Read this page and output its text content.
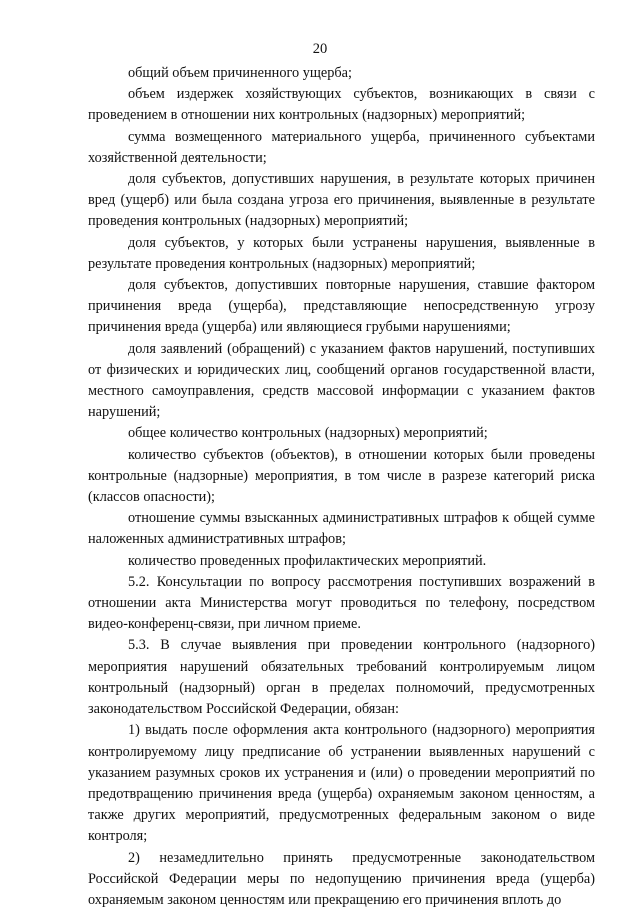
20

общий объем причиненного ущерба;

объем издержек хозяйствующих субъектов, возникающих в связи с проведением в отношении них контрольных (надзорных) мероприятий;

сумма возмещенного материального ущерба, причиненного субъектами хозяйственной деятельности;

доля субъектов, допустивших нарушения, в результате которых причинен вред (ущерб) или была создана угроза его причинения, выявленные в результате проведения контрольных (надзорных) мероприятий;

доля субъектов, у которых были устранены нарушения, выявленные в результате проведения контрольных (надзорных) мероприятий;

доля субъектов, допустивших повторные нарушения, ставшие фактором причинения вреда (ущерба), представляющие непосредственную угрозу причинения вреда (ущерба) или являющиеся грубыми нарушениями;

доля заявлений (обращений) с указанием фактов нарушений, поступивших от физических и юридических лиц, сообщений органов государственной власти, местного самоуправления, средств массовой информации с указанием фактов нарушений;

общее количество контрольных (надзорных) мероприятий;

количество субъектов (объектов), в отношении которых были проведены контрольные (надзорные) мероприятия, в том числе в разрезе категорий риска (классов опасности);

отношение суммы взысканных административных штрафов к общей сумме наложенных административных штрафов;

количество проведенных профилактических мероприятий.

5.2. Консультации по вопросу рассмотрения поступивших возражений в отношении акта Министерства могут проводиться по телефону, посредством видео-конференц-связи, при личном приеме.

5.3. В случае выявления при проведении контрольного (надзорного) мероприятия нарушений обязательных требований контролируемым лицом контрольный (надзорный) орган в пределах полномочий, предусмотренных законодательством Российской Федерации, обязан:

1) выдать после оформления акта контрольного (надзорного) мероприятия контролируемому лицу предписание об устранении выявленных нарушений с указанием разумных сроков их устранения и (или) о проведении мероприятий по предотвращению причинения вреда (ущерба) охраняемым законом ценностям, а также других мероприятий, предусмотренных федеральным законом о виде контроля;

2) незамедлительно принять предусмотренные законодательством Российской Федерации меры по недопущению причинения вреда (ущерба) охраняемым законом ценностям или прекращению его причинения вплоть до
